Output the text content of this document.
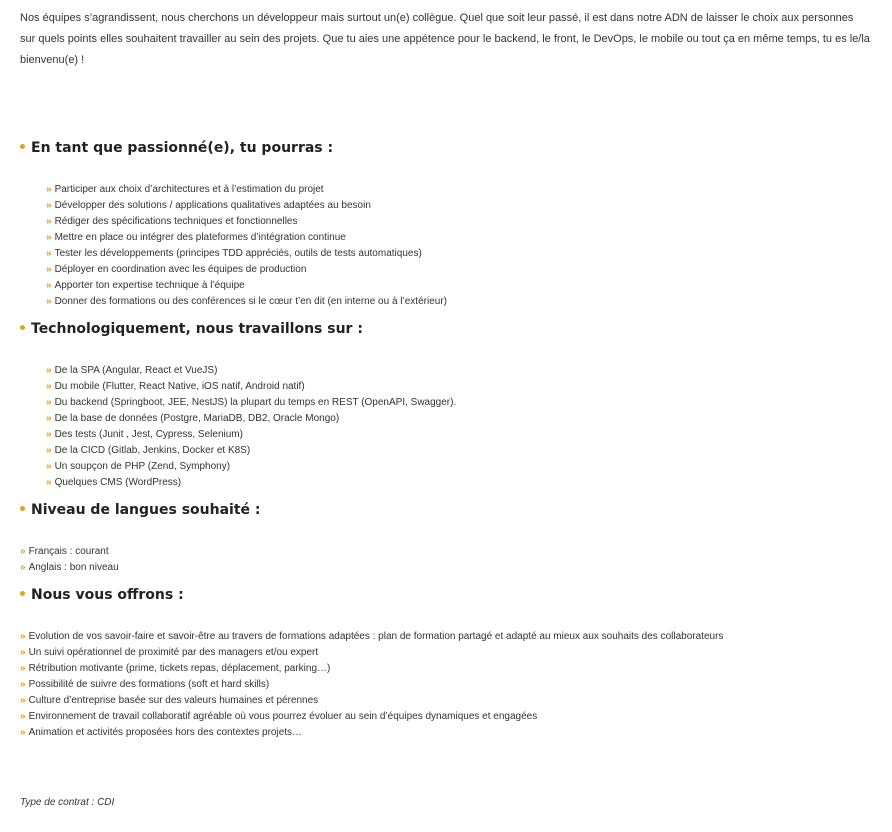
Nos équipes s’agrandissent, nous cherchons un développeur mais surtout un(e) collègue. Quel que soit leur passé, il est dans notre ADN de laisser le choix aux personnes sur quels points elles souhaitent travailler au sein des projets. Que tu aies une appétence pour le backend, le front, le DevOps, le mobile ou tout ça en même temps, tu es le/la bienvenu(e) !

En tant que passionné(e), tu pourras :
» Participer aux choix d’architectures et à l’estimation du projet
» Développer des solutions / applications qualitatives adaptées au besoin
» Rédiger des spécifications techniques et fonctionnelles
» Mettre en place ou intégrer des plateformes d’intégration continue
» Tester les développements (principes TDD appréciés, outils de tests automatiques)
» Déployer en coordination avec les équipes de production
» Apporter ton expertise technique à l’équipe
» Donner des formations ou des conférences si le cœur t’en dit (en interne ou à l’extérieur)
Technologiquement, nous travaillons sur :
» De la SPA (Angular, React et VueJS)
» Du mobile (Flutter, React Native, iOS natif, Android natif)
» Du backend (Springboot, JEE, NestJS) la plupart du temps en REST (OpenAPI, Swagger).
» De la base de données (Postgre, MariaDB, DB2, Oracle Mongo)
» Des tests (Junit , Jest, Cypress, Selenium)
» De la CICD (Gitlab, Jenkins, Docker et K8S)
» Un soupçon de PHP (Zend, Symphony)
» Quelques CMS (WordPress)
Niveau de langues souhaité :
» Français : courant
» Anglais : bon niveau
Nous vous offrons :
» Evolution de vos savoir-faire et savoir-être au travers de formations adaptées : plan de formation partagé et adapté au mieux aux souhaits des collaborateurs
» Un suivi opérationnel de proximité par des managers et/ou expert
» Rétribution motivante (prime, tickets repas, déplacement, parking…)
» Possibilité de suivre des formations (soft et hard skills)
» Culture d’entreprise basée sur des valeurs humaines et pérennes
» Environnement de travail collaboratif agréable où vous pourrez évoluer au sein d’équipes dynamiques et engagées
» Animation et activités proposées hors des contextes projets…

Type de contrat : CDI
